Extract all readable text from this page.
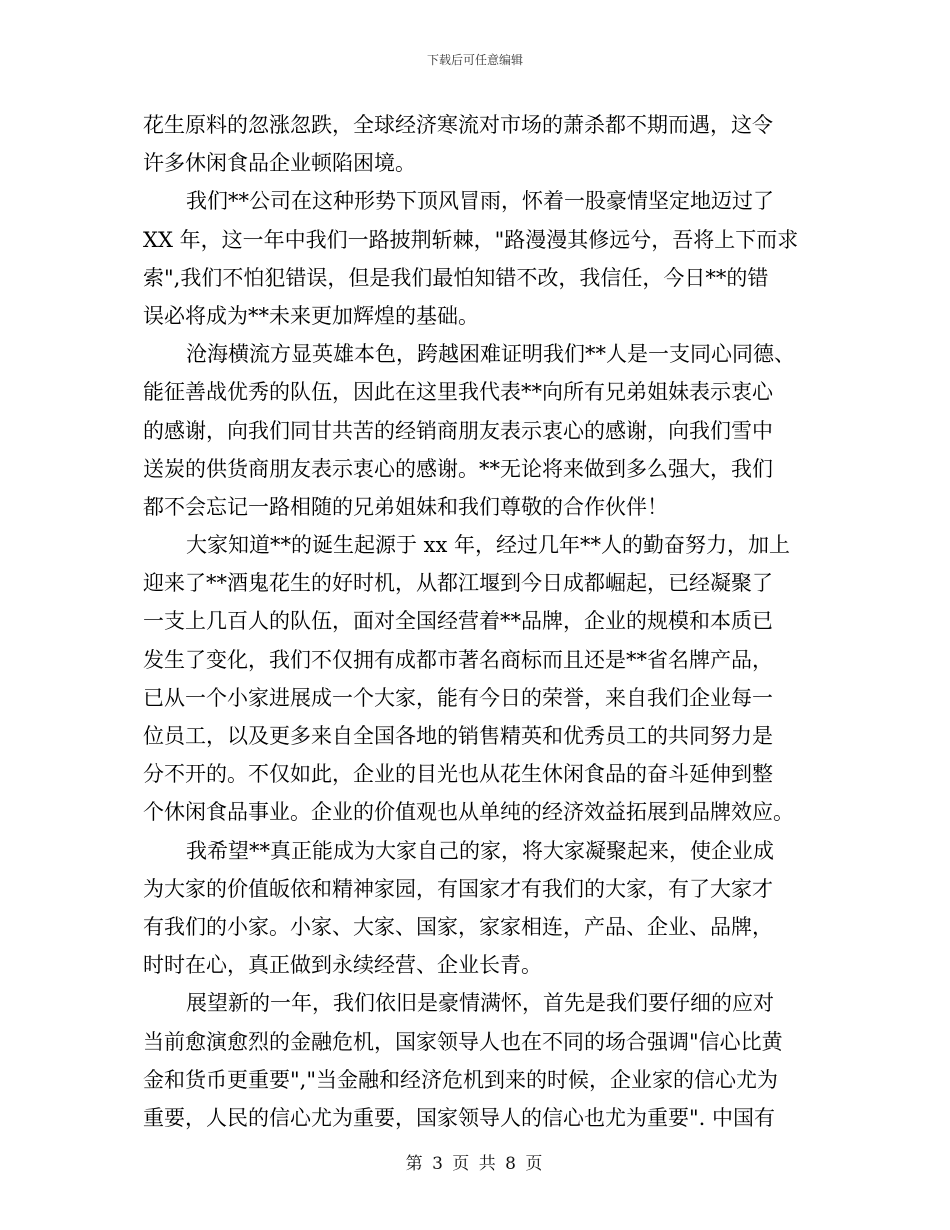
下载后可任意编辑
花生原料的忽涨忽跌，全球经济寒流对市场的萧杀都不期而遇，这令
许多休闲食品企业顿陷困境。
我们**公司在这种形势下顶风冒雨，怀着一股豪情坚定地迈过了
XX 年，这一年中我们一路披荆斩棘，"路漫漫其修远兮，吾将上下而求
索",我们不怕犯错误，但是我们最怕知错不改，我信任，今日**的错
误必将成为**未来更加辉煌的基础。
沧海横流方显英雄本色，跨越困难证明我们**人是一支同心同德、
能征善战优秀的队伍，因此在这里我代表**向所有兄弟姐妹表示衷心
的感谢，向我们同甘共苦的经销商朋友表示衷心的感谢，向我们雪中
送炭的供货商朋友表示衷心的感谢。**无论将来做到多么强大，我们
都不会忘记一路相随的兄弟姐妹和我们尊敬的合作伙伴！
大家知道**的诞生起源于 xx 年，经过几年**人的勤奋努力，加上
迎来了**酒鬼花生的好时机，从都江堰到今日成都崛起，已经凝聚了
一支上几百人的队伍，面对全国经营着**品牌，企业的规模和本质已
发生了变化，我们不仅拥有成都市著名商标而且还是**省名牌产品，
已从一个小家进展成一个大家，能有今日的荣誉，来自我们企业每一
位员工，以及更多来自全国各地的销售精英和优秀员工的共同努力是
分不开的。不仅如此，企业的目光也从花生休闲食品的奋斗延伸到整
个休闲食品事业。企业的价值观也从单纯的经济效益拓展到品牌效应。
我希望**真正能成为大家自己的家，将大家凝聚起来，使企业成
为大家的价值皈依和精神家园，有国家才有我们的大家，有了大家才
有我们的小家。小家、大家、国家，家家相连，产品、企业、品牌，
时时在心，真正做到永续经营、企业长青。
展望新的一年，我们依旧是豪情满怀，首先是我们要仔细的应对
当前愈演愈烈的金融危机，国家领导人也在不同的场合强调"信心比黄
金和货币更重要","当金融和经济危机到来的时候，企业家的信心尤为
重要，人民的信心尤为重要，国家领导人的信心也尤为重要". 中国有
第 3 页 共 8 页
